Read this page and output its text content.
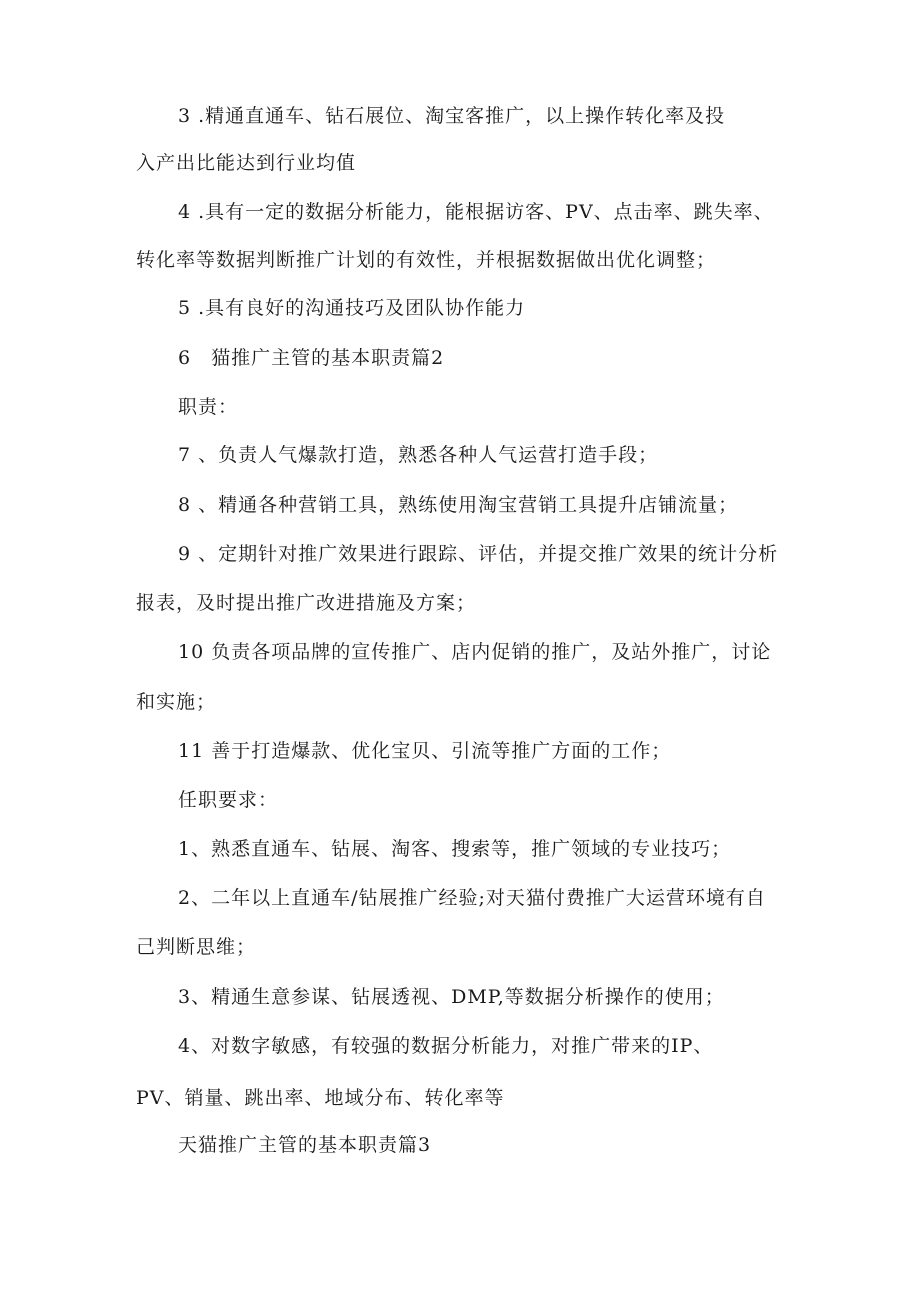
3 .精通直通车、钻石展位、淘宝客推广，以上操作转化率及投
入产出比能达到行业均值
4 .具有一定的数据分析能力，能根据访客、PV、点击率、跳失率、
转化率等数据判断推广计划的有效性，并根据数据做出优化调整；
5 .具有良好的沟通技巧及团队协作能力
6　猫推广主管的基本职责篇2
职责：
7 、负责人气爆款打造，熟悉各种人气运营打造手段；
8 、精通各种营销工具，熟练使用淘宝营销工具提升店铺流量；
9 、定期针对推广效果进行跟踪、评估，并提交推广效果的统计分析
报表，及时提出推广改进措施及方案；
10 负责各项品牌的宣传推广、店内促销的推广，及站外推广，讨论
和实施；
11 善于打造爆款、优化宝贝、引流等推广方面的工作；
任职要求：
1、熟悉直通车、钻展、淘客、搜索等，推广领域的专业技巧；
2、二年以上直通车/钻展推广经验;对天猫付费推广大运营环境有自
己判断思维；
3、精通生意参谋、钻展透视、DMP,等数据分析操作的使用；
4、对数字敏感，有较强的数据分析能力，对推广带来的IP、
PV、销量、跳出率、地域分布、转化率等
天猫推广主管的基本职责篇3
